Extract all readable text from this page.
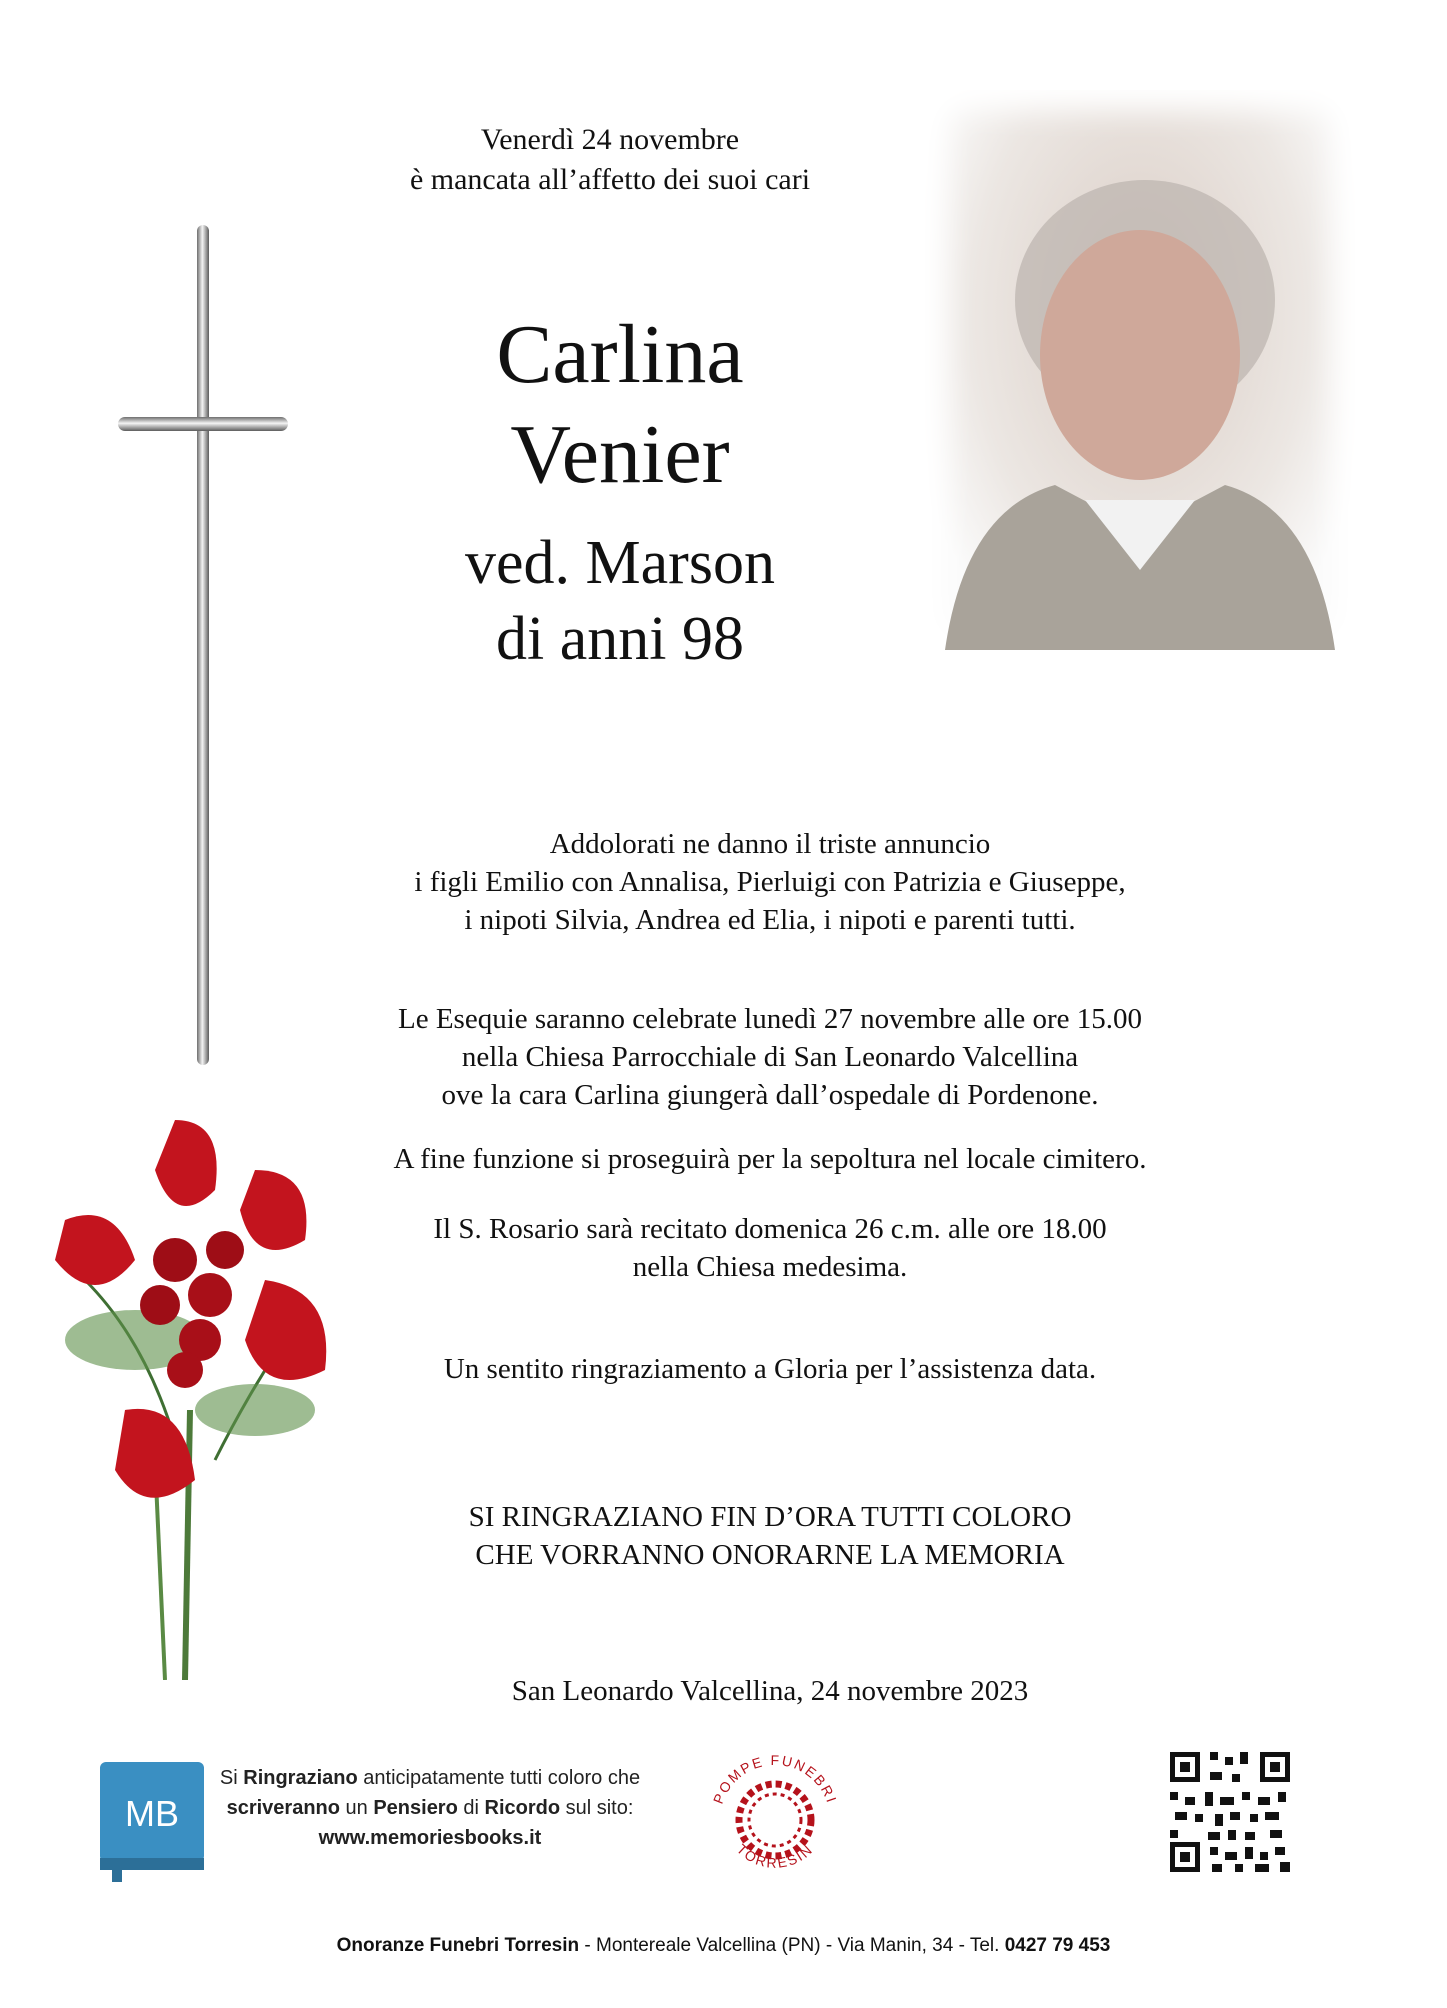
Venerdì 24 novembre
è mancata all’affetto dei suoi cari
Carlina
Venier
ved. Marson
di anni 98
Addolorati ne danno il triste annuncio
i figli Emilio con Annalisa, Pierluigi con Patrizia e Giuseppe,
i nipoti Silvia, Andrea ed Elia, i nipoti e parenti tutti.
Le Esequie saranno celebrate lunedì 27 novembre alle ore 15.00
nella Chiesa Parrocchiale di San Leonardo Valcellina
ove la cara Carlina giungerà dall’ospedale di Pordenone.
A fine funzione si proseguirà per la sepoltura nel locale cimitero.
Il S. Rosario sarà recitato domenica 26 c.m. alle ore 18.00
nella Chiesa medesima.
Un sentito ringraziamento a Gloria per l’assistenza data.
SI RINGRAZIANO FIN D’ORA TUTTI COLORO
CHE VORRANNO ONORARNE LA MEMORIA
San Leonardo Valcellina, 24 novembre 2023
MB
Si Ringraziano anticipatamente tutti coloro che
scriveranno un Pensiero di Ricordo sul sito:
www.memoriesbooks.it
POMPE FUNEBRI
TORRESIN
Onoranze Funebri Torresin - Montereale Valcellina (PN) - Via Manin, 34 - Tel. 0427 79 453
